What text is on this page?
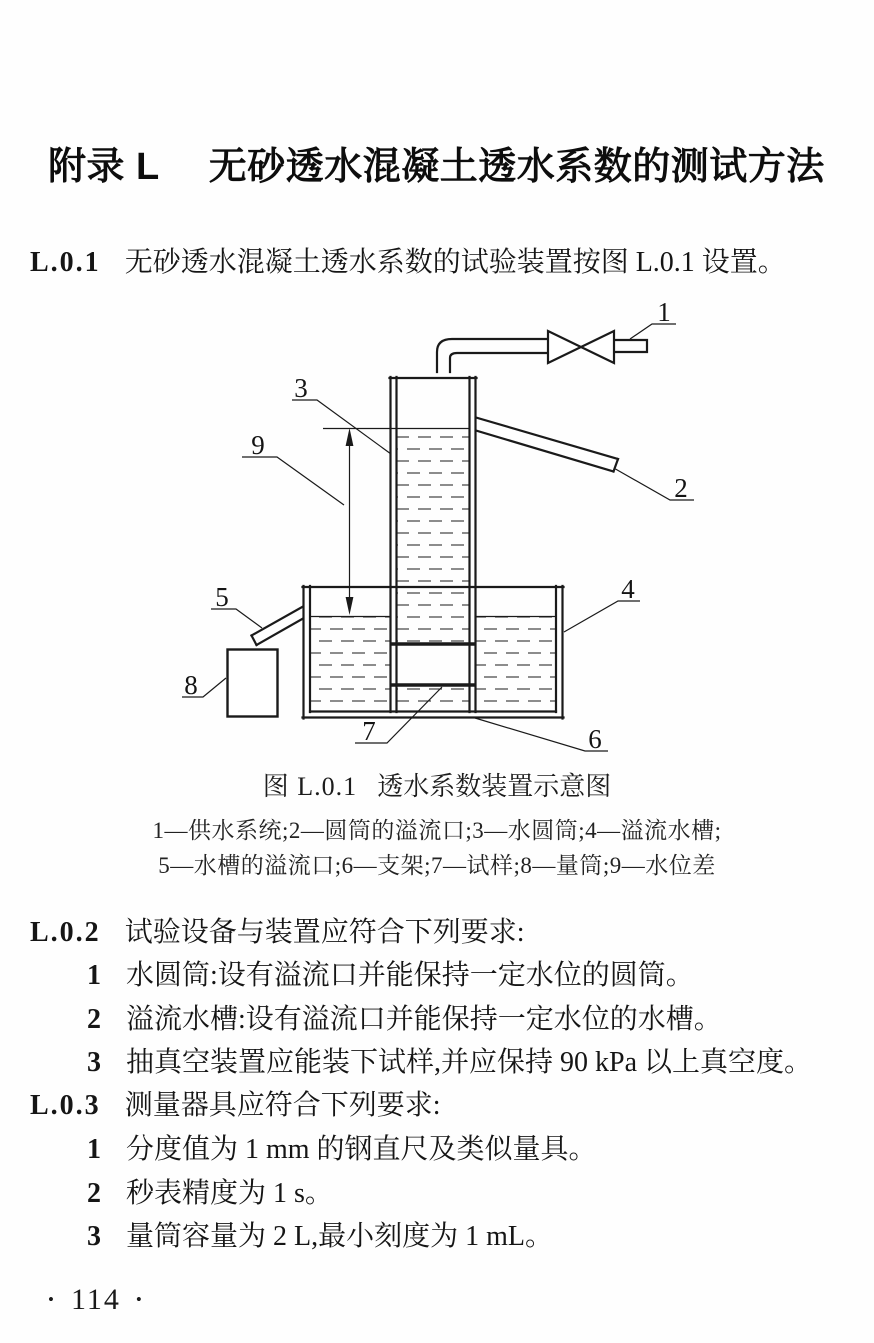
附录 L 无砂透水混凝土透水系数的测试方法
L.0.1 无砂透水混凝土透水系数的试验装置按图 L.0.1 设置。
1
2
3
4
5
6
7
8
9
图 L.0.1 透水系数装置示意图
1—供水系统;2—圆筒的溢流口;3—水圆筒;4—溢流水槽;
5—水槽的溢流口;6—支架;7—试样;8—量筒;9—水位差
L.0.2 试验设备与装置应符合下列要求:
1 水圆筒:设有溢流口并能保持一定水位的圆筒。
2 溢流水槽:设有溢流口并能保持一定水位的水槽。
3 抽真空装置应能装下试样,并应保持 90 kPa 以上真空度。
L.0.3 测量器具应符合下列要求:
1 分度值为 1 mm 的钢直尺及类似量具。
2 秒表精度为 1 s。
3 量筒容量为 2 L,最小刻度为 1 mL。
• 114 •
